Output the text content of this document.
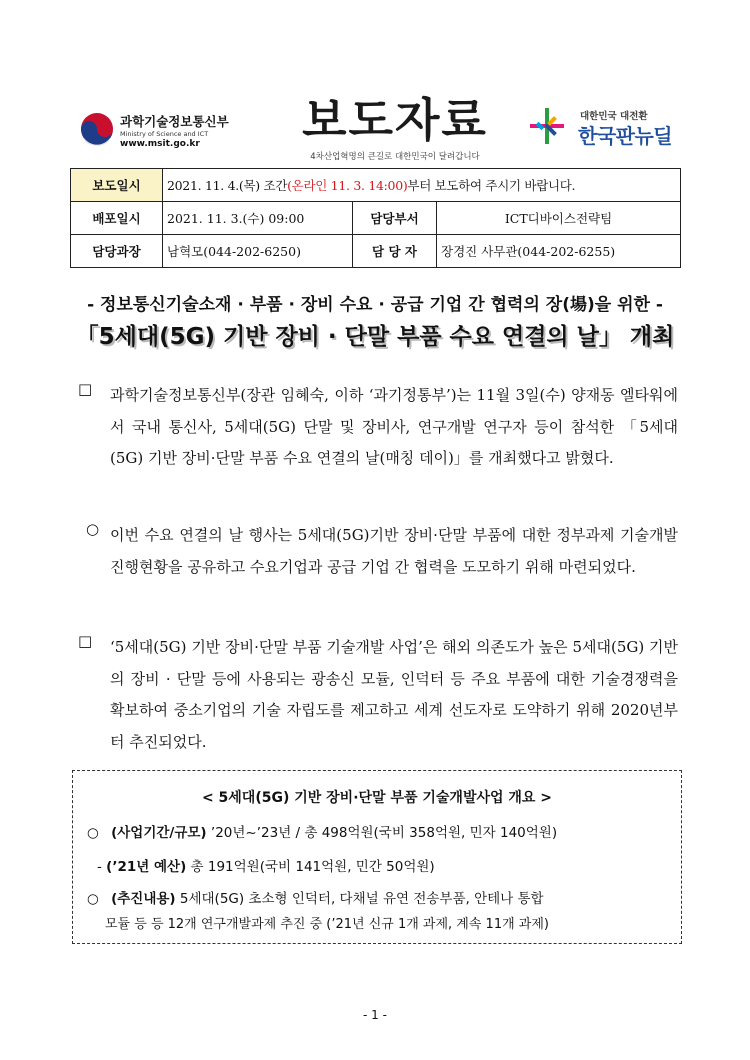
과학기술정보통신부
Ministry of Science and ICT
www.msit.go.kr 보도자료
4차산업혁명의 큰길로 대한민국이 달려갑니다
대한민국 대전환
한국판뉴딜
보도일시	2021. 11. 4.(목) 조간(온라인 11. 3. 14:00)부터 보도하여 주시기 바랍니다.		
배포일시	2021. 11. 3.(수) 09:00	담당부서	ICT디바이스전략팀
담당과장	남혁모(044-202-6250)	담 당 자	장경진 사무관(044-202-6255)
- 정보통신기술소재 · 부품 · 장비 수요 · 공급 기업 간 협력의 장(場)을 위한 -
「5세대(5G) 기반 장비 · 단말 부품 수요 연결의 날」 개최
□ 과학기술정보통신부(장관 임혜숙, 이하 ‘과기정통부’)는 11월 3일(수) 양재동 엘타워에서 국내 통신사, 5세대(5G) 단말 및 장비사, 연구개발 연구자 등이 참석한 「5세대(5G) 기반 장비·단말 부품 수요 연결의 날(매칭 데이)」를 개최했다고 밝혔다.
○ 이번 수요 연결의 날 행사는 5세대(5G)기반 장비·단말 부품에 대한 정부과제 기술개발 진행현황을 공유하고 수요기업과 공급 기업 간 협력을 도모하기 위해 마련되었다.
□ ‘5세대(5G) 기반 장비·단말 부품 기술개발 사업’은 해외 의존도가 높은 5세대(5G) 기반의 장비 · 단말 등에 사용되는 광송신 모듈, 인덕터 등 주요 부품에 대한 기술경쟁력을 확보하여 중소기업의 기술 자립도를 제고하고 세계 선도자로 도약하기 위해 2020년부터 추진되었다.
< 5세대(5G) 기반 장비·단말 부품 기술개발사업 개요 >
○ (사업기간/규모) ’20년~’23년 / 총 498억원(국비 358억원, 민자 140억원)
- (’21년 예산) 총 191억원(국비 141억원, 민간 50억원)
○ (추진내용) 5세대(5G) 초소형 인덕터, 다채널 유연 전송부품, 안테나 통합
모듈 등 등 12개 연구개발과제 추진 중 (’21년 신규 1개 과제, 계속 11개 과제)
- 1 -
